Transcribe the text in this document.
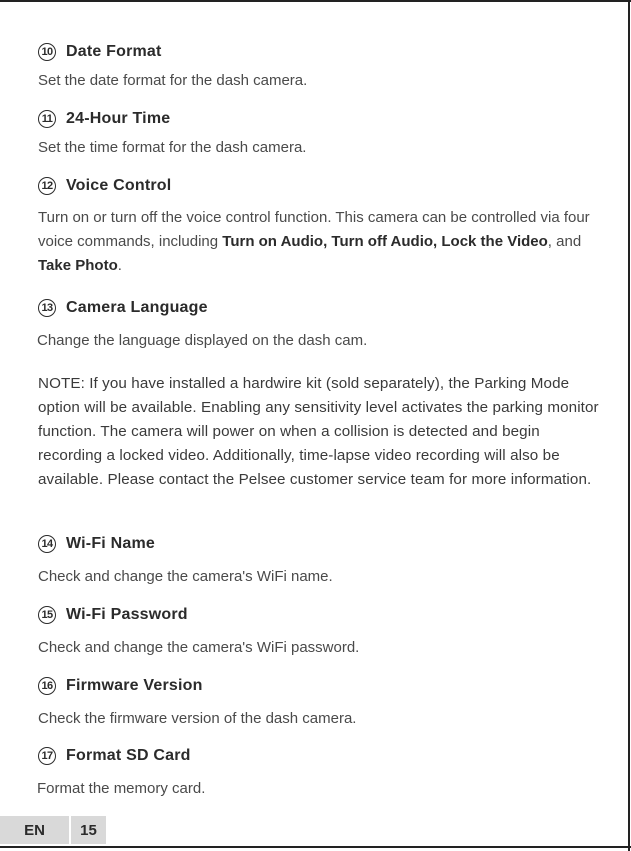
10 Date Format
Set the date format for the dash camera.
11 24-Hour Time
Set the time format for the dash camera.
12 Voice Control
Turn on or turn off the voice control function. This camera can be controlled via four voice commands, including Turn on Audio, Turn off Audio, Lock the Video, and Take Photo.
13 Camera Language
Change the language displayed on the dash cam.
NOTE: If you have installed a hardwire kit (sold separately), the Parking Mode option will be available. Enabling any sensitivity level activates the parking monitor function. The camera will power on when a collision is detected and begin recording a locked video. Additionally, time-lapse video recording will also be available. Please contact the Pelsee customer service team for more information.
14 Wi-Fi Name
Check and change the camera's WiFi name.
15 Wi-Fi Password
Check and change the camera's WiFi password.
16 Firmware Version
Check the firmware version of the dash camera.
17 Format SD Card
Format the memory card.
EN	15
